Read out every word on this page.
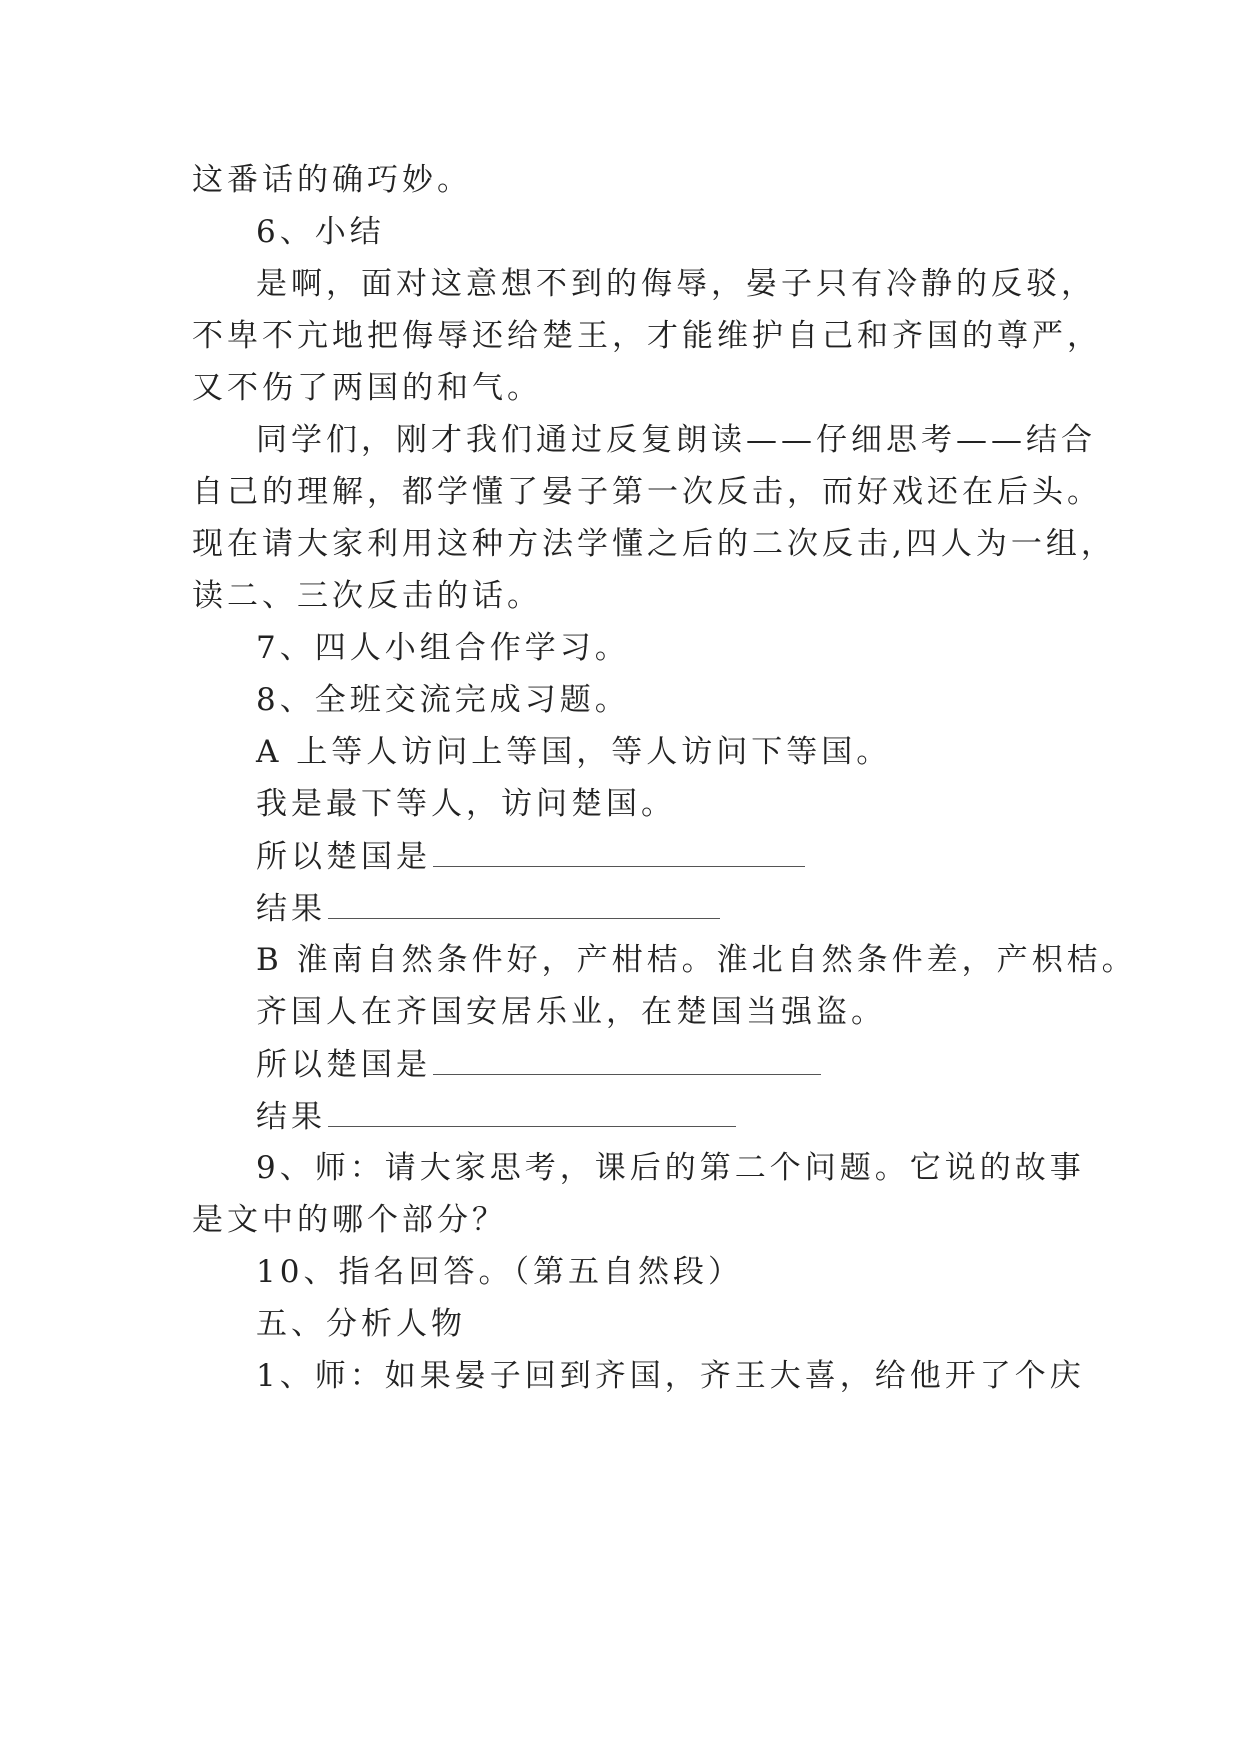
这番话的确巧妙。
6、小结
是啊，面对这意想不到的侮辱，晏子只有冷静的反驳，
不卑不亢地把侮辱还给楚王，才能维护自己和齐国的尊严，
又不伤了两国的和气。
同学们，刚才我们通过反复朗读——仔细思考——结合
自己的理解，都学懂了晏子第一次反击，而好戏还在后头。
现在请大家利用这种方法学懂之后的二次反击,四人为一组，
读二、三次反击的话。
7、四人小组合作学习。
8、全班交流完成习题。
A 上等人访问上等国，等人访问下等国。
我是最下等人，访问楚国。
所以楚国是
结果
B 淮南自然条件好，产柑桔。淮北自然条件差，产枳桔。
齐国人在齐国安居乐业，在楚国当强盗。
所以楚国是
结果
9、师：请大家思考，课后的第二个问题。它说的故事
是文中的哪个部分？
10、指名回答。（第五自然段）
五、分析人物
1、师：如果晏子回到齐国，齐王大喜，给他开了个庆
